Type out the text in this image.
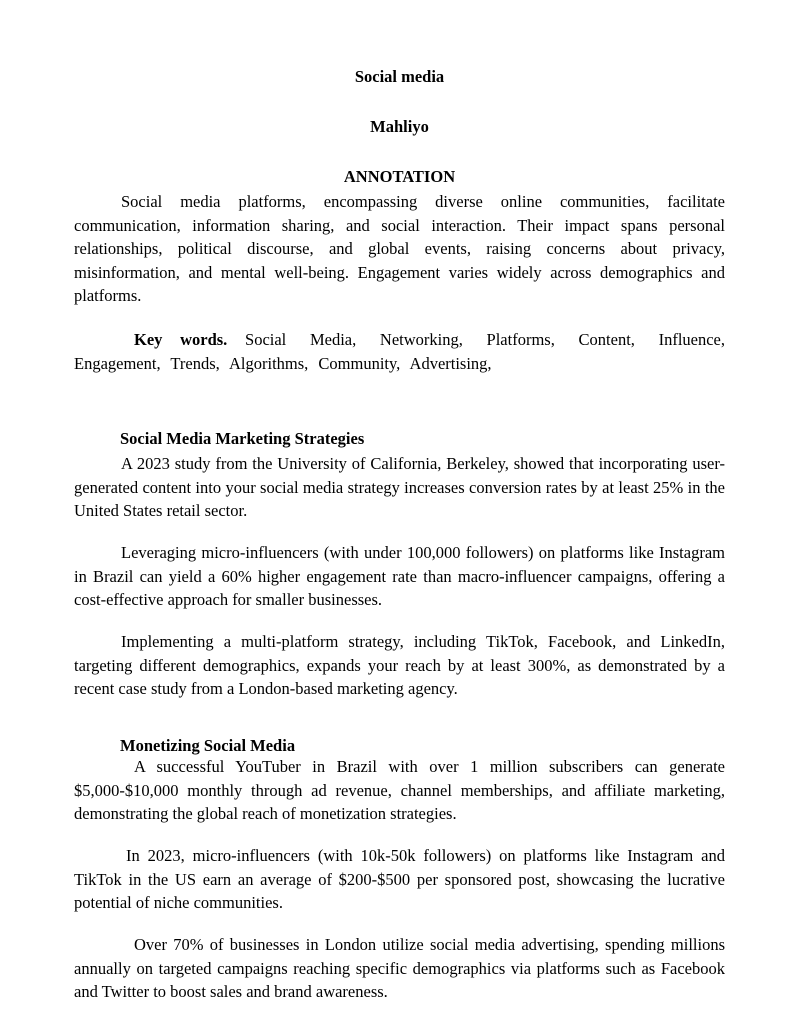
Social media

Mahliyo

ANNOTATION

Social media platforms, encompassing diverse online communities, facilitate communication, information sharing, and social interaction. Their impact spans personal relationships, political discourse, and global events, raising concerns about privacy, misinformation, and mental well-being. Engagement varies widely across demographics and platforms.

Key words. Social Media, Networking, Platforms, Content, Influence, Engagement, Trends, Algorithms, Community, Advertising,

Social Media Marketing Strategies

A 2023 study from the University of California, Berkeley, showed that incorporating user-generated content into your social media strategy increases conversion rates by at least 25% in the United States retail sector.

Leveraging micro-influencers (with under 100,000 followers) on platforms like Instagram in Brazil can yield a 60% higher engagement rate than macro-influencer campaigns, offering a cost-effective approach for smaller businesses.

Implementing a multi-platform strategy, including TikTok, Facebook, and LinkedIn, targeting different demographics, expands your reach by at least 300%, as demonstrated by a recent case study from a London-based marketing agency.

Monetizing Social Media

A successful YouTuber in Brazil with over 1 million subscribers can generate $5,000-$10,000 monthly through ad revenue, channel memberships, and affiliate marketing, demonstrating the global reach of monetization strategies.

In 2023, micro-influencers (with 10k-50k followers) on platforms like Instagram and TikTok in the US earn an average of $200-$500 per sponsored post, showcasing the lucrative potential of niche communities.

Over 70% of businesses in London utilize social media advertising, spending millions annually on targeted campaigns reaching specific demographics via platforms such as Facebook and Twitter to boost sales and brand awareness.
